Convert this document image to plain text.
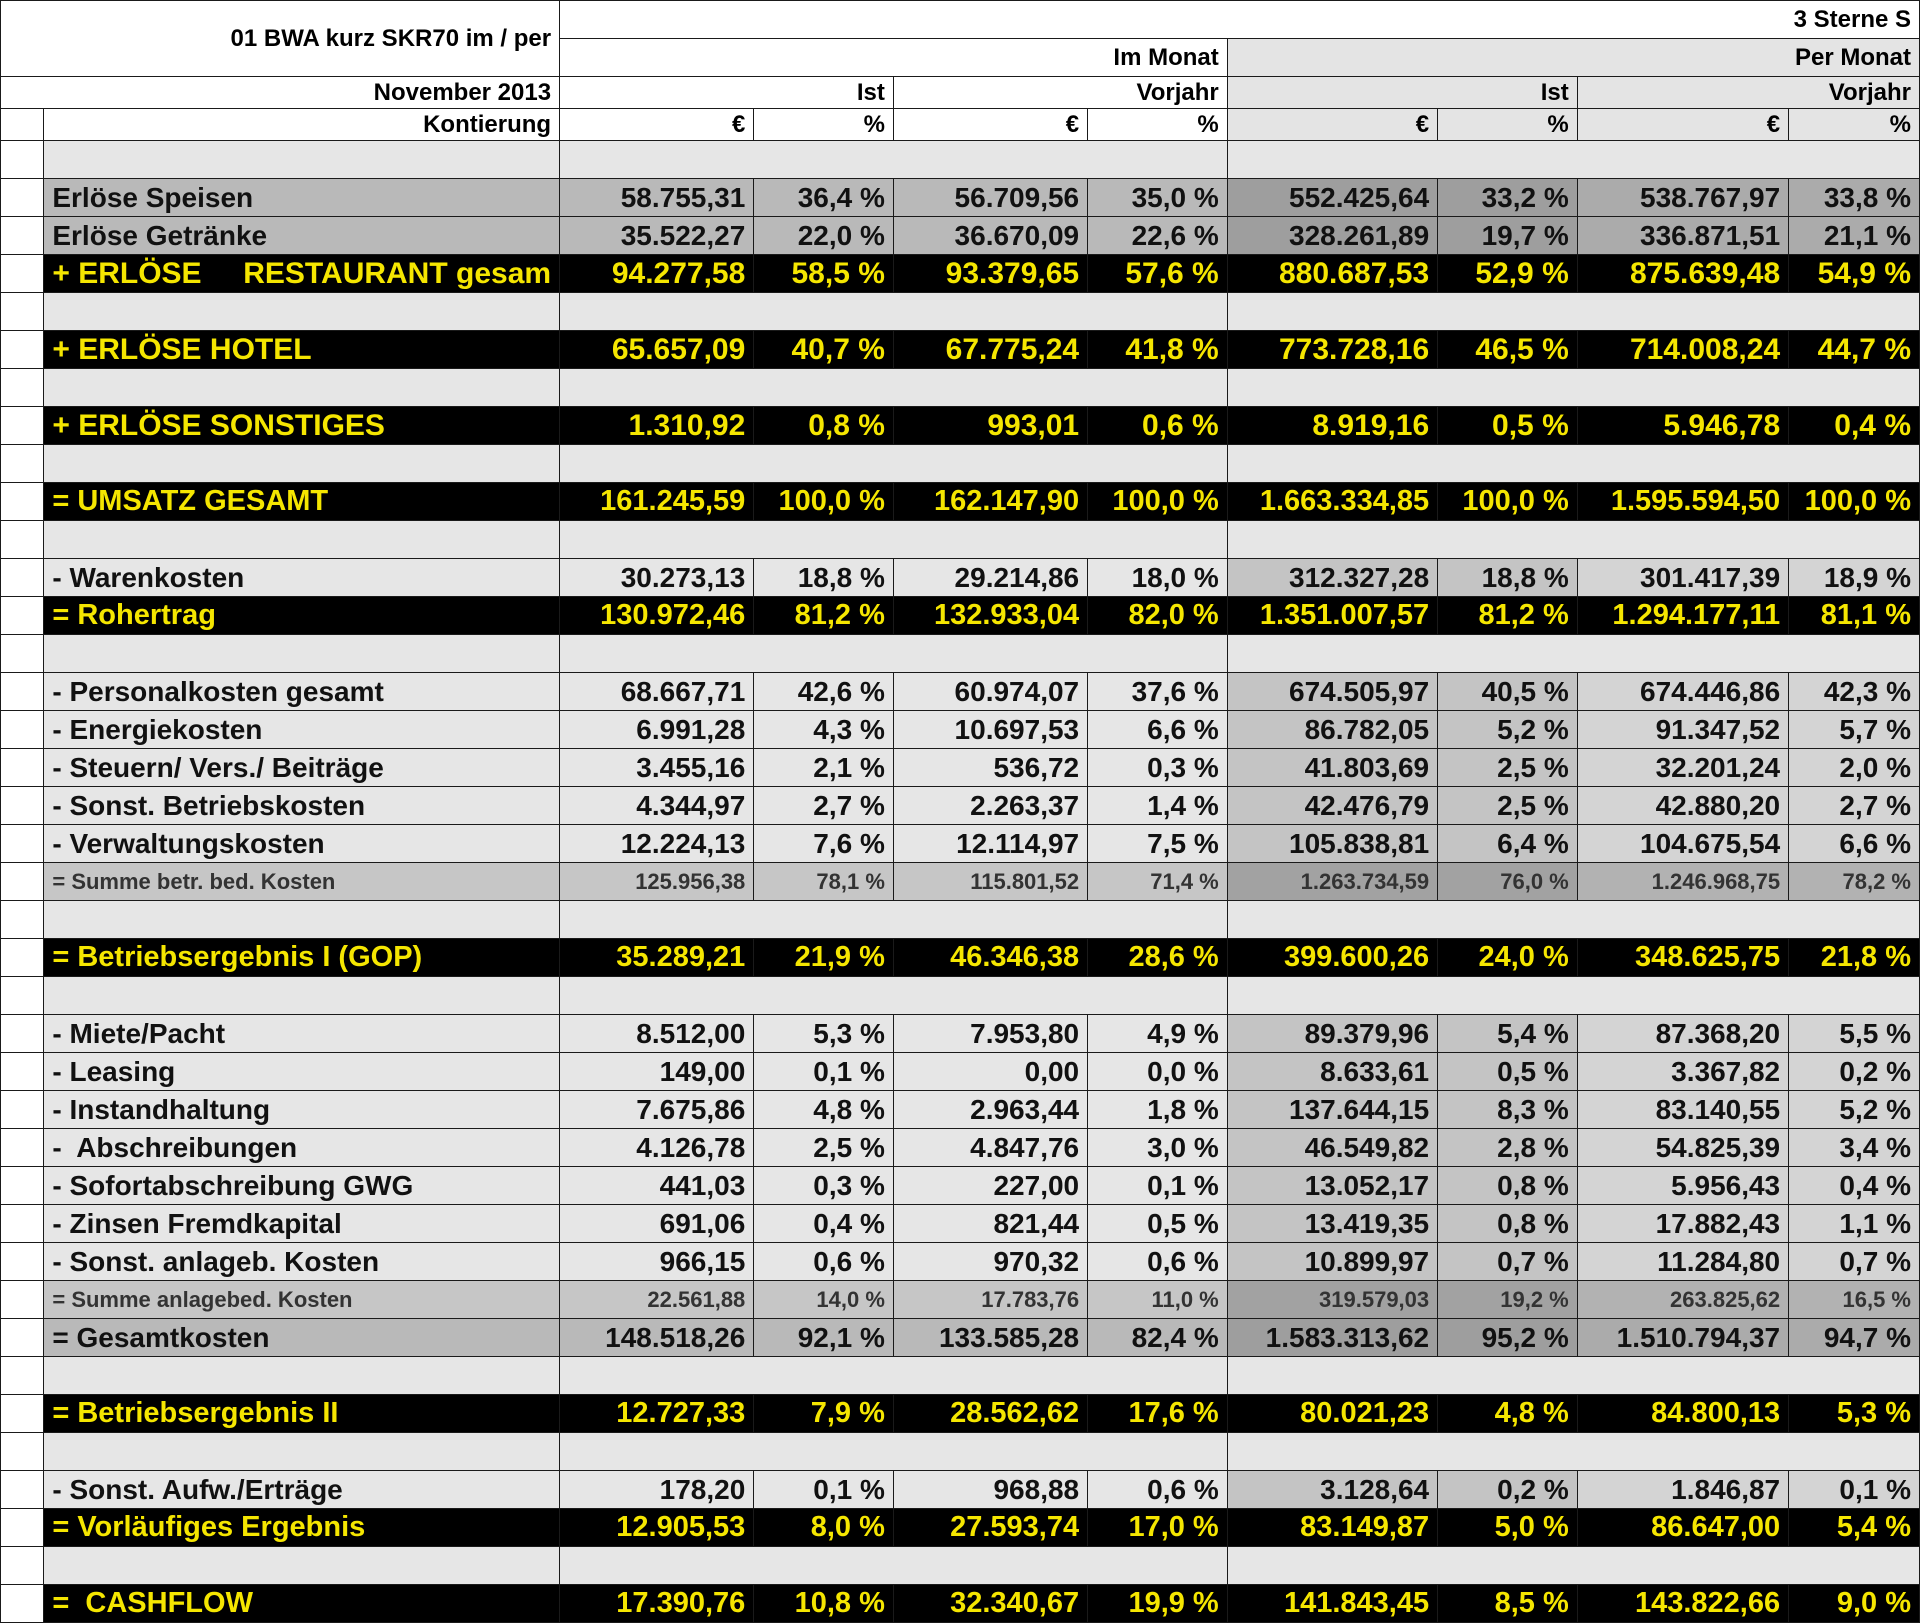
01 BWA kurz SKR70 im / per		3 Sterne S							
		Im Monat				Per Monat			
November 2013		Ist		Vorjahr		Ist		Vorjahr	
	Kontierung	€	%	€	%	€	%	€	%

	Erlöse Speisen	58.755,31	36,4 %	56.709,56	35,0 %	552.425,64	33,2 %	538.767,97	33,8 %
	Erlöse Getränke	35.522,27	22,0 %	36.670,09	22,6 %	328.261,89	19,7 %	336.871,51	21,1 %
	+ ERLÖSE     RESTAURANT gesam	94.277,58	58,5 %	93.379,65	57,6 %	880.687,53	52,9 %	875.639,48	54,9 %

	+ ERLÖSE HOTEL	65.657,09	40,7 %	67.775,24	41,8 %	773.728,16	46,5 %	714.008,24	44,7 %

	+ ERLÖSE SONSTIGES	1.310,92	0,8 %	993,01	0,6 %	8.919,16	0,5 %	5.946,78	0,4 %

	= UMSATZ GESAMT	161.245,59	100,0 %	162.147,90	100,0 %	1.663.334,85	100,0 %	1.595.594,50	100,0 %

	- Warenkosten	30.273,13	18,8 %	29.214,86	18,0 %	312.327,28	18,8 %	301.417,39	18,9 %
	= Rohertrag	130.972,46	81,2 %	132.933,04	82,0 %	1.351.007,57	81,2 %	1.294.177,11	81,1 %

	- Personalkosten gesamt	68.667,71	42,6 %	60.974,07	37,6 %	674.505,97	40,5 %	674.446,86	42,3 %
	- Energiekosten	6.991,28	4,3 %	10.697,53	6,6 %	86.782,05	5,2 %	91.347,52	5,7 %
	- Steuern/ Vers./ Beiträge	3.455,16	2,1 %	536,72	0,3 %	41.803,69	2,5 %	32.201,24	2,0 %
	- Sonst. Betriebskosten	4.344,97	2,7 %	2.263,37	1,4 %	42.476,79	2,5 %	42.880,20	2,7 %
	- Verwaltungskosten	12.224,13	7,6 %	12.114,97	7,5 %	105.838,81	6,4 %	104.675,54	6,6 %
	= Summe betr. bed. Kosten	125.956,38	78,1 %	115.801,52	71,4 %	1.263.734,59	76,0 %	1.246.968,75	78,2 %

	= Betriebsergebnis I (GOP)	35.289,21	21,9 %	46.346,38	28,6 %	399.600,26	24,0 %	348.625,75	21,8 %

	- Miete/Pacht	8.512,00	5,3 %	7.953,80	4,9 %	89.379,96	5,4 %	87.368,20	5,5 %
	- Leasing	149,00	0,1 %	0,00	0,0 %	8.633,61	0,5 %	3.367,82	0,2 %
	- Instandhaltung	7.675,86	4,8 %	2.963,44	1,8 %	137.644,15	8,3 %	83.140,55	5,2 %
	-  Abschreibungen	4.126,78	2,5 %	4.847,76	3,0 %	46.549,82	2,8 %	54.825,39	3,4 %
	- Sofortabschreibung GWG	441,03	0,3 %	227,00	0,1 %	13.052,17	0,8 %	5.956,43	0,4 %
	- Zinsen Fremdkapital	691,06	0,4 %	821,44	0,5 %	13.419,35	0,8 %	17.882,43	1,1 %
	- Sonst. anlageb. Kosten	966,15	0,6 %	970,32	0,6 %	10.899,97	0,7 %	11.284,80	0,7 %
	= Summe anlagebed. Kosten	22.561,88	14,0 %	17.783,76	11,0 %	319.579,03	19,2 %	263.825,62	16,5 %
	= Gesamtkosten	148.518,26	92,1 %	133.585,28	82,4 %	1.583.313,62	95,2 %	1.510.794,37	94,7 %

	= Betriebsergebnis II	12.727,33	7,9 %	28.562,62	17,6 %	80.021,23	4,8 %	84.800,13	5,3 %

	- Sonst. Aufw./Erträge	178,20	0,1 %	968,88	0,6 %	3.128,64	0,2 %	1.846,87	0,1 %
	= Vorläufiges Ergebnis	12.905,53	8,0 %	27.593,74	17,0 %	83.149,87	5,0 %	86.647,00	5,4 %

	=  CASHFLOW	17.390,76	10,8 %	32.340,67	19,9 %	141.843,45	8,5 %	143.822,66	9,0 %
